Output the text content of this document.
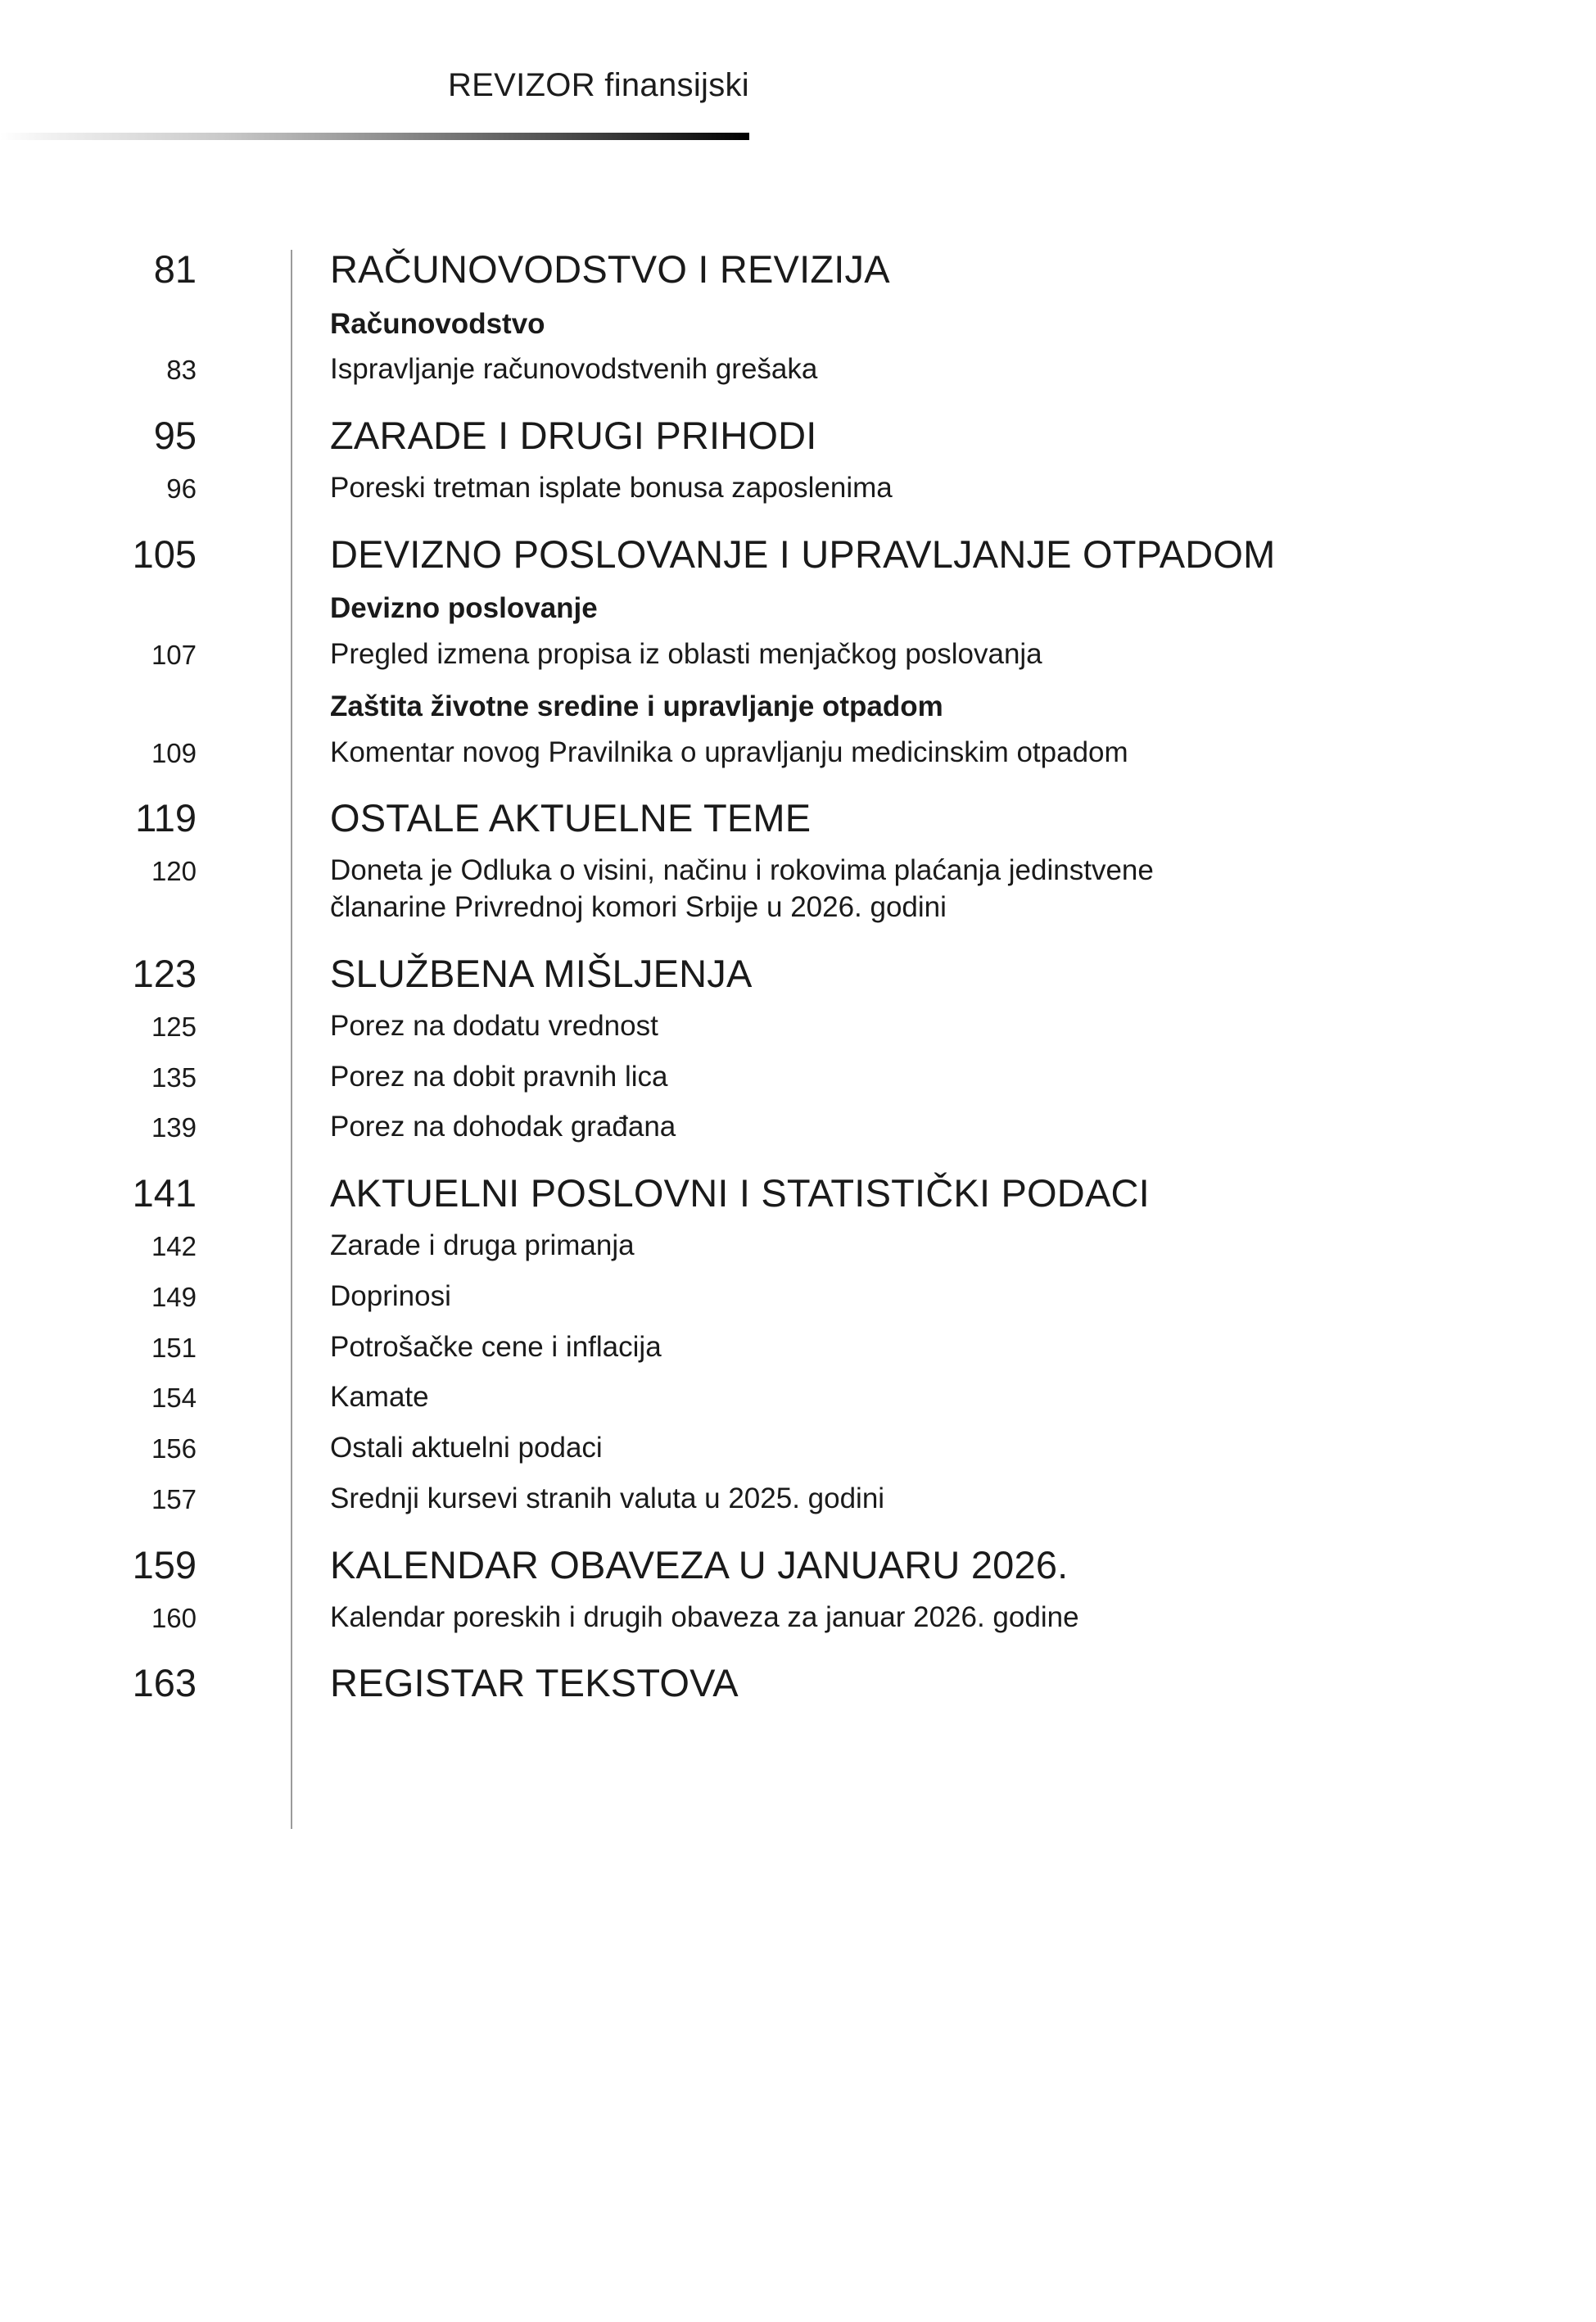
REVIZOR finansijski
81	RAČUNOVODSTVO I REVIZIJA
Računovodstvo
83	Ispravljanje računovodstvenih grešaka
95	ZARADE I DRUGI PRIHODI
96	Poreski tretman isplate bonusa zaposlenima
105	DEVIZNO POSLOVANJE I UPRAVLJANJE OTPADOM
Devizno poslovanje
107	Pregled izmena propisa iz oblasti menjačkog poslovanja
Zaštita životne sredine i upravljanje otpadom
109	Komentar novog Pravilnika o upravljanju medicinskim otpadom
119	OSTALE AKTUELNE TEME
120	Doneta je Odluka o visini, načinu i rokovima plaćanja jedinstvene
članarine Privrednoj komori Srbije u 2026. godini
123	SLUŽBENA MIŠLJENJA
125	Porez na dodatu vrednost
135	Porez na dobit pravnih lica
139	Porez na dohodak građana
141	AKTUELNI POSLOVNI I STATISTIČKI PODACI
142	Zarade i druga primanja
149	Doprinosi
151	Potrošačke cene i inflacija
154	Kamate
156	Ostali aktuelni podaci
157	Srednji kursevi stranih valuta u 2025. godini
159	KALENDAR OBAVEZA U JANUARU 2026.
160	Kalendar poreskih i drugih obaveza za januar 2026. godine
163	REGISTAR TEKSTOVA
